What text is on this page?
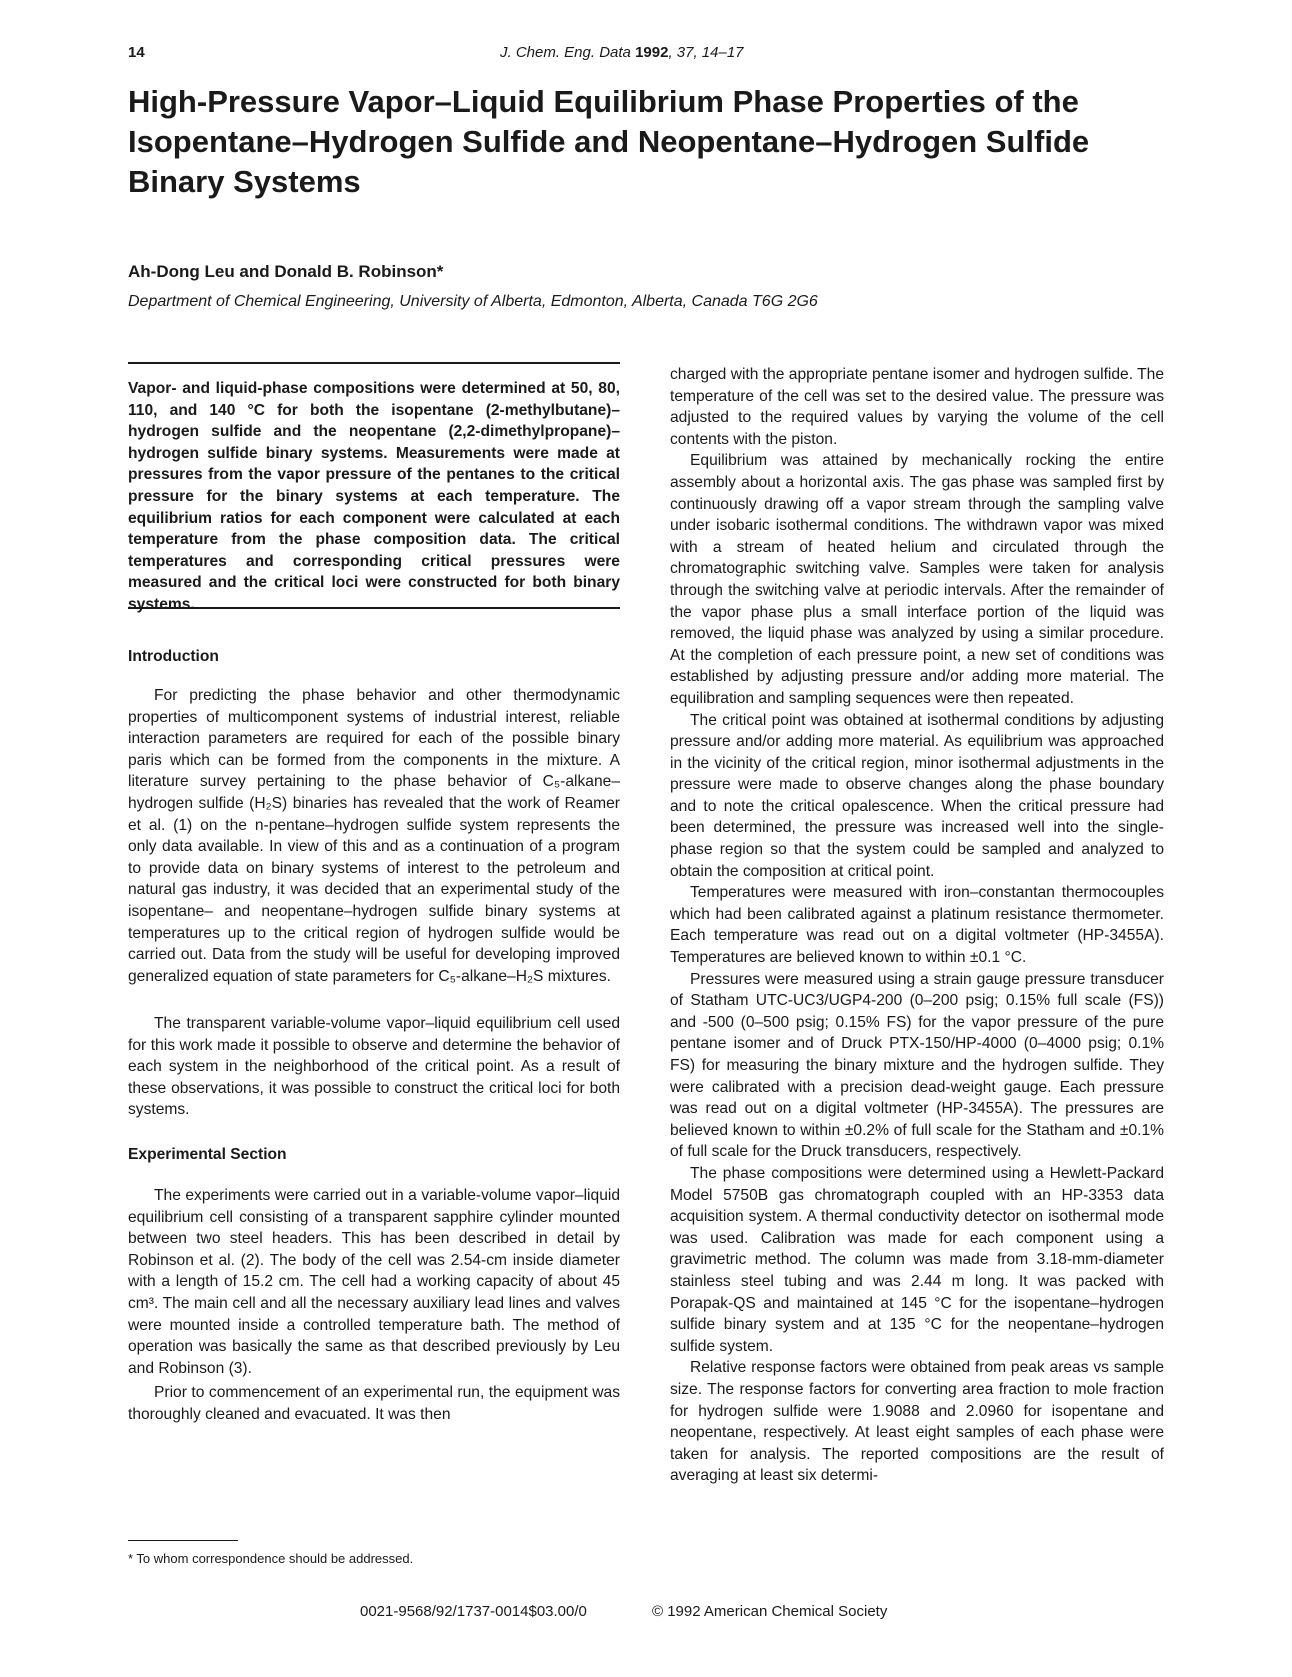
14	J. Chem. Eng. Data 1992, 37, 14–17
High-Pressure Vapor–Liquid Equilibrium Phase Properties of the Isopentane–Hydrogen Sulfide and Neopentane–Hydrogen Sulfide Binary Systems
Ah-Dong Leu and Donald B. Robinson*
Department of Chemical Engineering, University of Alberta, Edmonton, Alberta, Canada T6G 2G6

Vapor- and liquid-phase compositions were determined at 50, 80, 110, and 140 °C for both the isopentane (2-methylbutane)–hydrogen sulfide and the neopentane (2,2-dimethylpropane)–hydrogen sulfide binary systems. Measurements were made at pressures from the vapor pressure of the pentanes to the critical pressure for the binary systems at each temperature. The equilibrium ratios for each component were calculated at each temperature from the phase composition data. The critical temperatures and corresponding critical pressures were measured and the critical loci were constructed for both binary systems.

Introduction

For predicting the phase behavior and other thermodynamic properties of multicomponent systems of industrial interest, reliable interaction parameters are required for each of the possible binary paris which can be formed from the components in the mixture. A literature survey pertaining to the phase behavior of C₅-alkane–hydrogen sulfide (H₂S) binaries has revealed that the work of Reamer et al. (1) on the n-pentane–hydrogen sulfide system represents the only data available. In view of this and as a continuation of a program to provide data on binary systems of interest to the petroleum and natural gas industry, it was decided that an experimental study of the isopentane– and neopentane–hydrogen sulfide binary systems at temperatures up to the critical region of hydrogen sulfide would be carried out. Data from the study will be useful for developing improved generalized equation of state parameters for C₅-alkane–H₂S mixtures.

The transparent variable-volume vapor–liquid equilibrium cell used for this work made it possible to observe and determine the behavior of each system in the neighborhood of the critical point. As a result of these observations, it was possible to construct the critical loci for both systems.

Experimental Section

The experiments were carried out in a variable-volume vapor–liquid equilibrium cell consisting of a transparent sapphire cylinder mounted between two steel headers. This has been described in detail by Robinson et al. (2). The body of the cell was 2.54-cm inside diameter with a length of 15.2 cm. The cell had a working capacity of about 45 cm³. The main cell and all the necessary auxiliary lead lines and valves were mounted inside a controlled temperature bath. The method of operation was basically the same as that described previously by Leu and Robinson (3).

Prior to commencement of an experimental run, the equipment was thoroughly cleaned and evacuated. It was then

charged with the appropriate pentane isomer and hydrogen sulfide. The temperature of the cell was set to the desired value. The pressure was adjusted to the required values by varying the volume of the cell contents with the piston.

Equilibrium was attained by mechanically rocking the entire assembly about a horizontal axis. The gas phase was sampled first by continuously drawing off a vapor stream through the sampling valve under isobaric isothermal conditions. The withdrawn vapor was mixed with a stream of heated helium and circulated through the chromatographic switching valve. Samples were taken for analysis through the switching valve at periodic intervals. After the remainder of the vapor phase plus a small interface portion of the liquid was removed, the liquid phase was analyzed by using a similar procedure. At the completion of each pressure point, a new set of conditions was established by adjusting pressure and/or adding more material. The equilibration and sampling sequences were then repeated.

The critical point was obtained at isothermal conditions by adjusting pressure and/or adding more material. As equilibrium was approached in the vicinity of the critical region, minor isothermal adjustments in the pressure were made to observe changes along the phase boundary and to note the critical opalescence. When the critical pressure had been determined, the pressure was increased well into the single-phase region so that the system could be sampled and analyzed to obtain the composition at critical point.

Temperatures were measured with iron–constantan thermocouples which had been calibrated against a platinum resistance thermometer. Each temperature was read out on a digital voltmeter (HP-3455A). Temperatures are believed known to within ±0.1 °C.

Pressures were measured using a strain gauge pressure transducer of Statham UTC-UC3/UGP4-200 (0–200 psig; 0.15% full scale (FS)) and -500 (0–500 psig; 0.15% FS) for the vapor pressure of the pure pentane isomer and of Druck PTX-150/HP-4000 (0–4000 psig; 0.1% FS) for measuring the binary mixture and the hydrogen sulfide. They were calibrated with a precision dead-weight gauge. Each pressure was read out on a digital voltmeter (HP-3455A). The pressures are believed known to within ±0.2% of full scale for the Statham and ±0.1% of full scale for the Druck transducers, respectively.

The phase compositions were determined using a Hewlett-Packard Model 5750B gas chromatograph coupled with an HP-3353 data acquisition system. A thermal conductivity detector on isothermal mode was used. Calibration was made for each component using a gravimetric method. The column was made from 3.18-mm-diameter stainless steel tubing and was 2.44 m long. It was packed with Porapak-QS and maintained at 145 °C for the isopentane–hydrogen sulfide binary system and at 135 °C for the neopentane–hydrogen sulfide system.

Relative response factors were obtained from peak areas vs sample size. The response factors for converting area fraction to mole fraction for hydrogen sulfide were 1.9088 and 2.0960 for isopentane and neopentane, respectively. At least eight samples of each phase were taken for analysis. The reported compositions are the result of averaging at least six determi-

* To whom correspondence should be addressed.
0021-9568/92/1737-0014$03.00/0	© 1992 American Chemical Society
